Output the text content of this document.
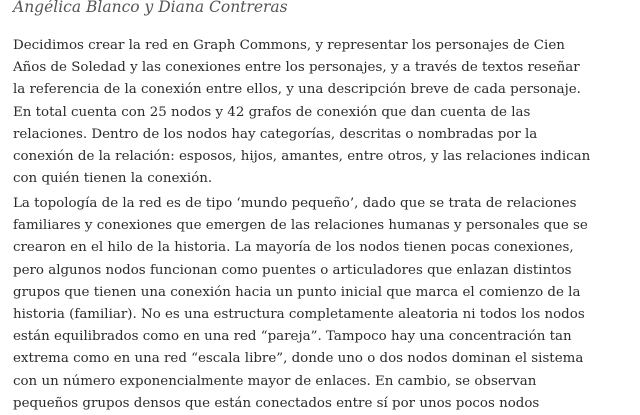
Angélica Blanco y Diana Contreras

Decidimos crear la red en Graph Commons, y representar los personajes de Cien
Años de Soledad y las conexiones entre los personajes, y a través de textos reseñar
la referencia de la conexión entre ellos, y una descripción breve de cada personaje.
En total cuenta con 25 nodos y 42 grafos de conexión que dan cuenta de las
relaciones. Dentro de los nodos hay categorías, descritas o nombradas por la
conexión de la relación: esposos, hijos, amantes, entre otros, y las relaciones indican
con quién tienen la conexión.

La topología de la red es de tipo ‘mundo pequeño’, dado que se trata de relaciones
familiares y conexiones que emergen de las relaciones humanas y personales que se
crearon en el hilo de la historia. La mayoría de los nodos tienen pocas conexiones,
pero algunos nodos funcionan como puentes o articuladores que enlazan distintos
grupos que tienen una conexión hacia un punto inicial que marca el comienzo de la
historia (familiar). No es una estructura completamente aleatoria ni todos los nodos
están equilibrados como en una red “pareja”. Tampoco hay una concentración tan
extrema como en una red “escala libre”, donde uno o dos nodos dominan el sistema
con un número exponencialmente mayor de enlaces. En cambio, se observan
pequeños grupos densos que están conectados entre sí por unos pocos nodos
